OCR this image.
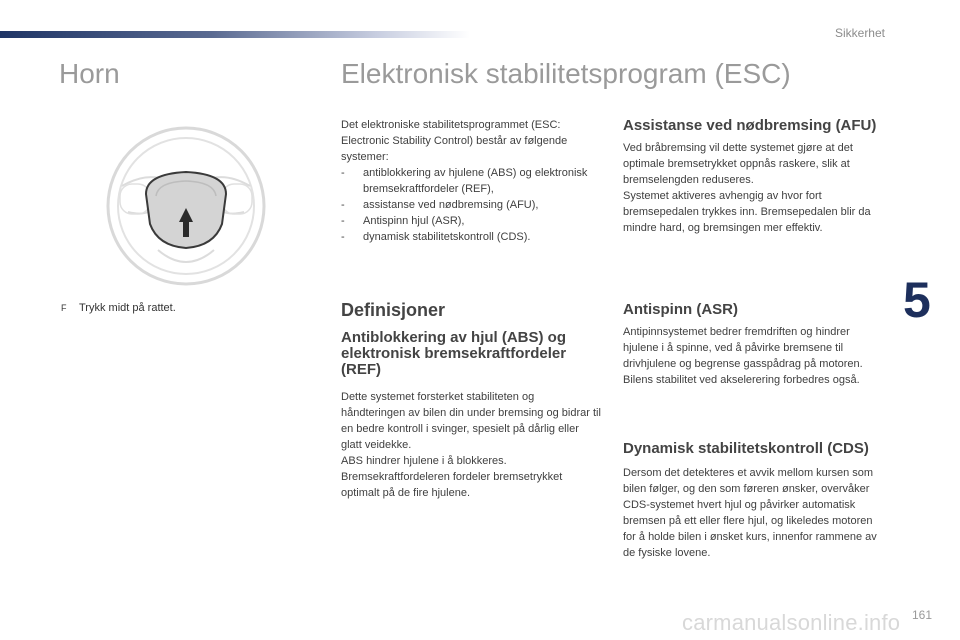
Sikkerhet
5
Horn	Elektronisk stabilitetsprogram (ESC)
F Trykk midt på rattet.

Det elektroniske stabilitetsprogrammet (ESC: Electronic Stability Control) består av følgende systemer:

- antiblokkering av hjulene (ABS) og elektronisk bremsekraftfordeler (REF),
- assistanse ved nødbremsing (AFU),
- Antispinn hjul (ASR),
- dynamisk stabilitetskontroll (CDS).
Definisjoner
Antiblokkering av hjul (ABS) og elektronisk bremsekraftfordeler (REF)

Dette systemet forsterket stabiliteten og håndteringen av bilen din under bremsing og bidrar til en bedre kontroll i svinger, spesielt på dårlig eller glatt veidekke.

ABS hindrer hjulene i å blokkeres.

Bremsekraftfordeleren fordeler bremsetrykket optimalt på de fire hjulene.

Assistanse ved nødbremsing (AFU)

Ved bråbremsing vil dette systemet gjøre at det optimale bremsetrykket oppnås raskere, slik at bremselengden reduseres.

Systemet aktiveres avhengig av hvor fort bremsepedalen trykkes inn. Bremsepedalen blir da mindre hard, og bremsingen mer effektiv.

Antispinn (ASR)

Antipinnsystemet bedrer fremdriften og hindrer hjulene i å spinne, ved å påvirke bremsene til drivhjulene og begrense gasspådrag på motoren. Bilens stabilitet ved akselerering forbedres også.

Dynamisk stabilitetskontroll (CDS)

Dersom det detekteres et avvik mellom kursen som bilen følger, og den som føreren ønsker, overvåker CDS-systemet hvert hjul og påvirker automatisk bremsen på ett eller flere hjul, og likeledes motoren for å holde bilen i ønsket kurs, innenfor rammene av de fysiske lovene.

carmanualsonline.info 161
